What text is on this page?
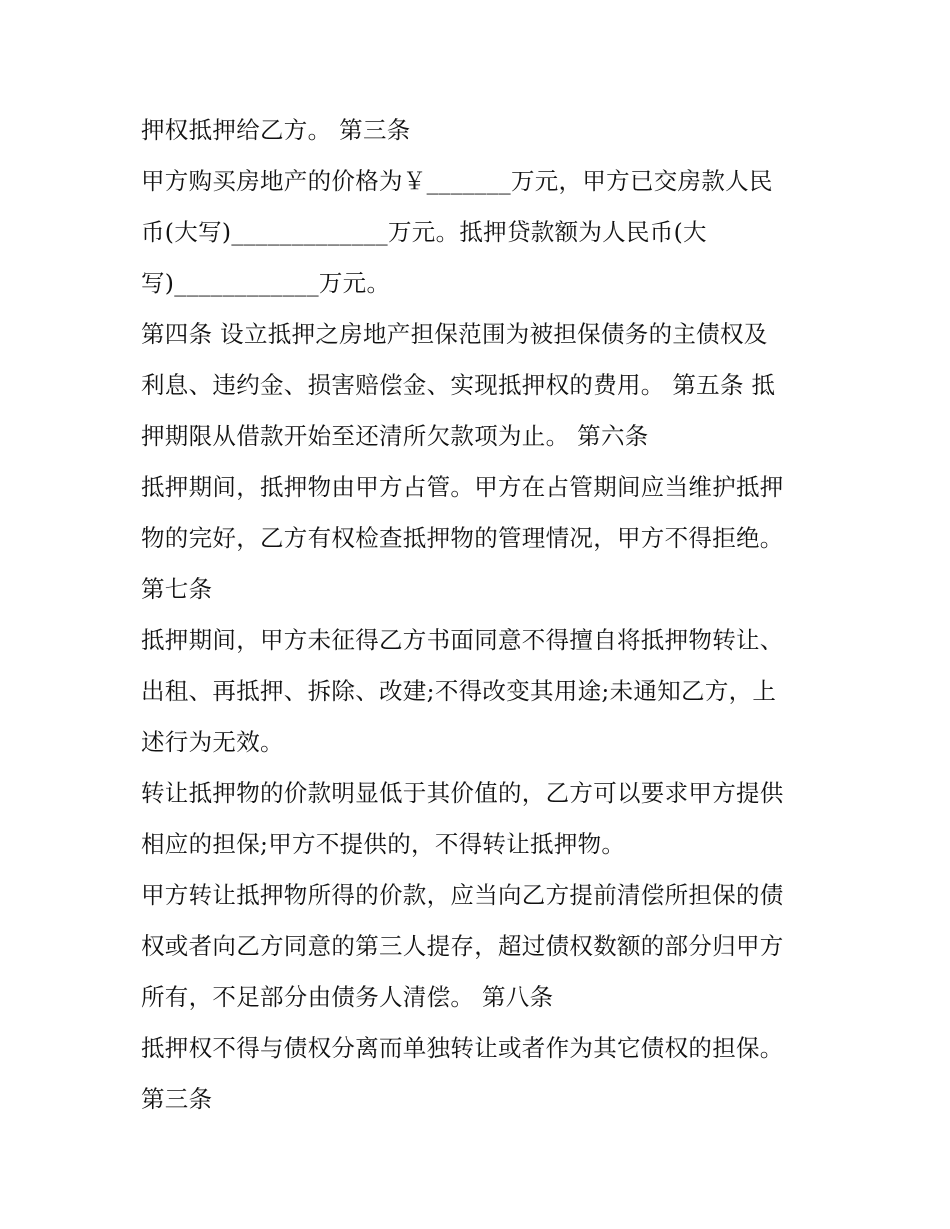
押权抵押给乙方。 第三条
甲方购买房地产的价格为￥_______万元，甲方已交房款人民
币(大写)_____________万元。抵押贷款额为人民币(大
写)____________万元。
第四条 设立抵押之房地产担保范围为被担保债务的主债权及
利息、违约金、损害赔偿金、实现抵押权的费用。 第五条 抵
押期限从借款开始至还清所欠款项为止。 第六条
抵押期间，抵押物由甲方占管。甲方在占管期间应当维护抵押
物的完好，乙方有权检查抵押物的管理情况，甲方不得拒绝。
第七条
抵押期间，甲方未征得乙方书面同意不得擅自将抵押物转让、
出租、再抵押、拆除、改建;不得改变其用途;未通知乙方，上
述行为无效。
转让抵押物的价款明显低于其价值的，乙方可以要求甲方提供
相应的担保;甲方不提供的，不得转让抵押物。
甲方转让抵押物所得的价款，应当向乙方提前清偿所担保的债
权或者向乙方同意的第三人提存，超过债权数额的部分归甲方
所有，不足部分由债务人清偿。 第八条
抵押权不得与债权分离而单独转让或者作为其它债权的担保。
第三条
